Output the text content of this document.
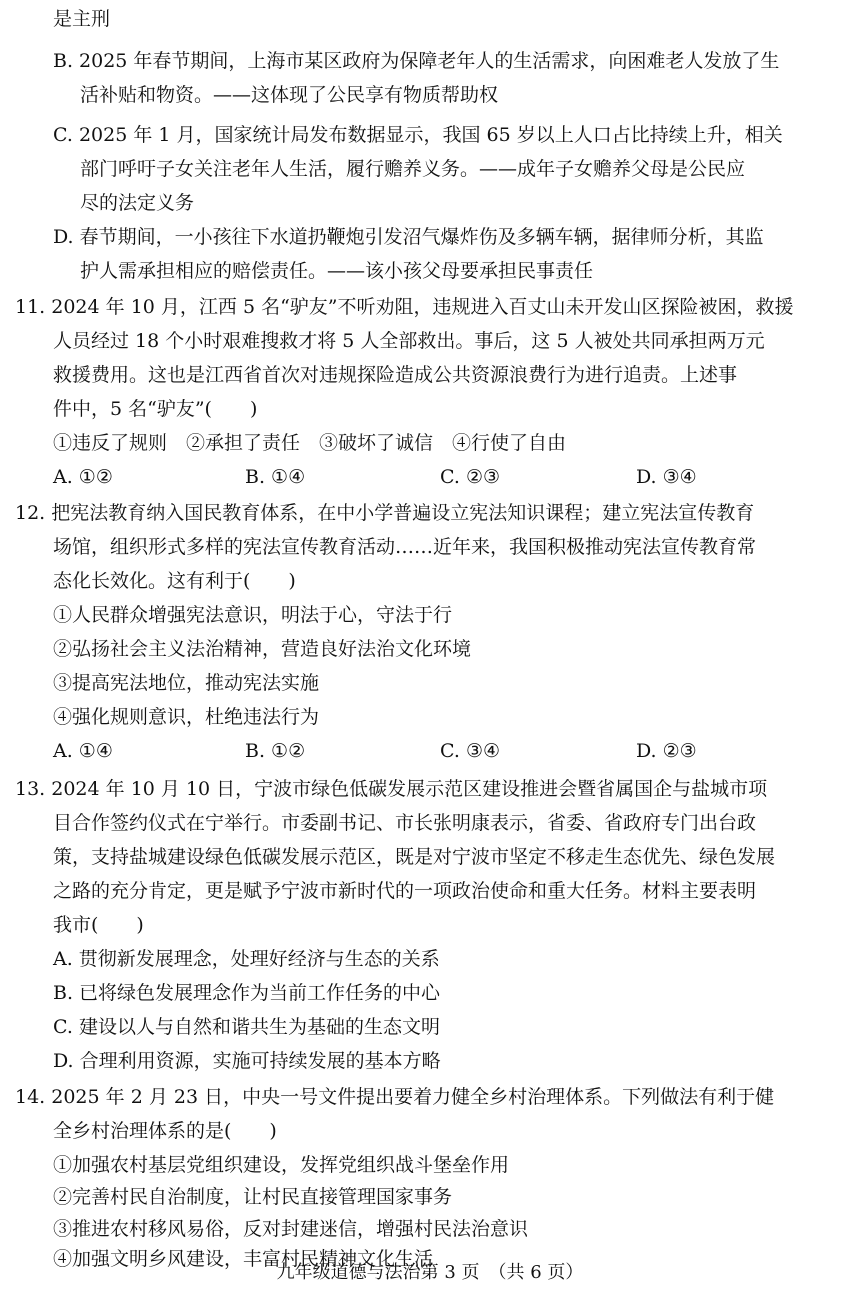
是主刑
B. 2025 年春节期间，上海市某区政府为保障老年人的生活需求，向困难老人发放了生
活补贴和物资。——这体现了公民享有物质帮助权
C. 2025 年 1 月，国家统计局发布数据显示，我国 65 岁以上人口占比持续上升，相关
部门呼吁子女关注老年人生活，履行赡养义务。——成年子女赡养父母是公民应
尽的法定义务
D. 春节期间，一小孩往下水道扔鞭炮引发沼气爆炸伤及多辆车辆，据律师分析，其监
护人需承担相应的赔偿责任。——该小孩父母要承担民事责任
11. 2024 年 10 月，江西 5 名“驴友”不听劝阻，违规进入百丈山未开发山区探险被困，救援
人员经过 18 个小时艰难搜救才将 5 人全部救出。事后，这 5 人被处共同承担两万元
救援费用。这也是江西省首次对违规探险造成公共资源浪费行为进行追责。上述事
件中，5 名“驴友”(　　)
①违反了规则　②承担了责任　③破坏了诚信　④行使了自由
A. ①②	B. ①④	C. ②③	D. ③④
12. 把宪法教育纳入国民教育体系，在中小学普遍设立宪法知识课程；建立宪法宣传教育
场馆，组织形式多样的宪法宣传教育活动……近年来，我国积极推动宪法宣传教育常
态化长效化。这有利于(　　)
①人民群众增强宪法意识，明法于心，守法于行
②弘扬社会主义法治精神，营造良好法治文化环境
③提高宪法地位，推动宪法实施
④强化规则意识，杜绝违法行为
A. ①④	B. ①②	C. ③④	D. ②③
13. 2024 年 10 月 10 日，宁波市绿色低碳发展示范区建设推进会暨省属国企与盐城市项
目合作签约仪式在宁举行。市委副书记、市长张明康表示，省委、省政府专门出台政
策，支持盐城建设绿色低碳发展示范区，既是对宁波市坚定不移走生态优先、绿色发展
之路的充分肯定，更是赋予宁波市新时代的一项政治使命和重大任务。材料主要表明
我市(　　)
A. 贯彻新发展理念，处理好经济与生态的关系
B. 已将绿色发展理念作为当前工作任务的中心
C. 建设以人与自然和谐共生为基础的生态文明
D. 合理利用资源，实施可持续发展的基本方略
14. 2025 年 2 月 23 日，中央一号文件提出要着力健全乡村治理体系。下列做法有利于健
全乡村治理体系的是(　　)
①加强农村基层党组织建设，发挥党组织战斗堡垒作用
②完善村民自治制度，让村民直接管理国家事务
③推进农村移风易俗，反对封建迷信，增强村民法治意识
九年级道德与法治第 3 页　（共 6 页）
④加强文明乡风建设，丰富村民精神文化生活
